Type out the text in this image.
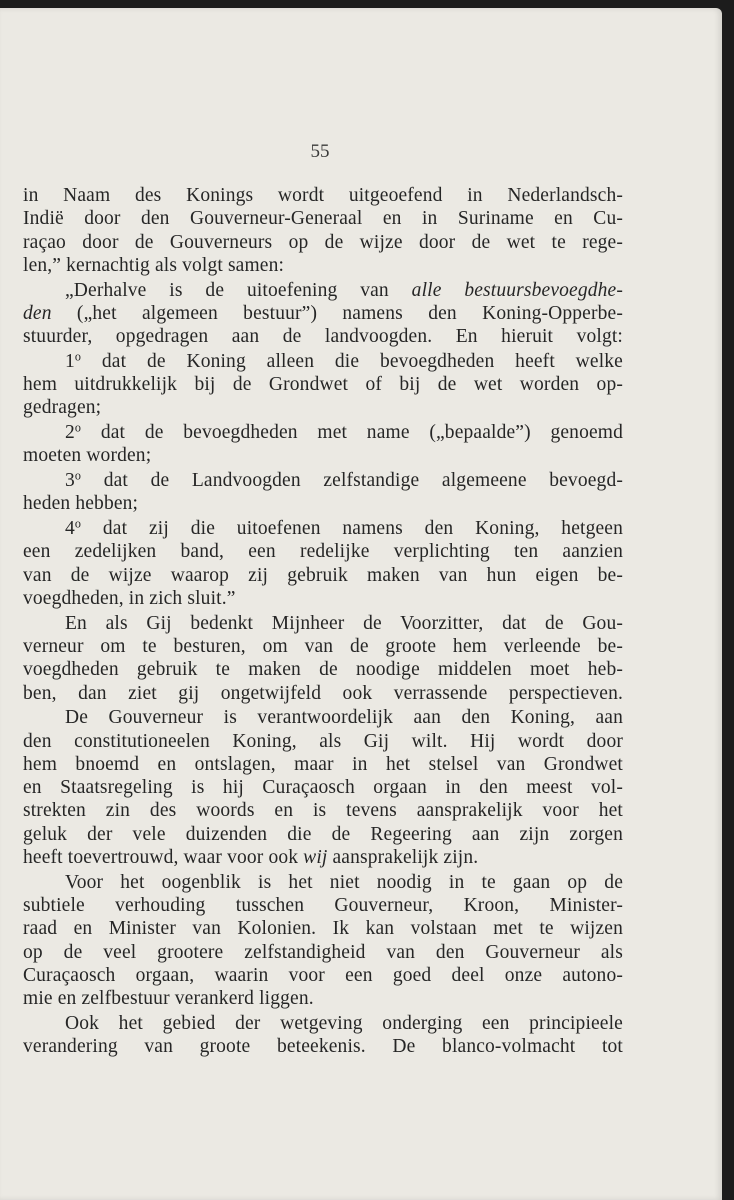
55
in Naam des Konings wordt uitgeoefend in Nederlandsch-
Indië door den Gouverneur-Generaal en in Suriname en Cu-
raçao door de Gouverneurs op de wijze door de wet te rege-
len,” kernachtig als volgt samen:
„Derhalve is de uitoefening van alle bestuursbevoegdhe-
den („het algemeen bestuur”) namens den Koning-Opperbe-
stuurder, opgedragen aan de landvoogden. En hieruit volgt:
1$^o$ dat de Koning alleen die bevoegdheden heeft welke
hem uitdrukkelijk bij de Grondwet of bij de wet worden op-
gedragen;
2$^o$ dat de bevoegdheden met name („bepaalde”) genoemd
moeten worden;
3$^o$ dat de Landvoogden zelfstandige algemeene bevoegd-
heden hebben;
4$^o$ dat zij die uitoefenen namens den Koning, hetgeen
een zedelijken band, een redelijke verplichting ten aanzien
van de wijze waarop zij gebruik maken van hun eigen be-
voegdheden, in zich sluit.”
En als Gij bedenkt Mijnheer de Voorzitter, dat de Gou-
verneur om te besturen, om van de groote hem verleende be-
voegdheden gebruik te maken de noodige middelen moet heb-
ben, dan ziet gij ongetwijfeld ook verrassende perspectieven.
De Gouverneur is verantwoordelijk aan den Koning, aan
den constitutioneelen Koning, als Gij wilt. Hij wordt door
hem bnoemd en ontslagen, maar in het stelsel van Grondwet
en Staatsregeling is hij Curaçaosch orgaan in den meest vol-
strekten zin des woords en is tevens aansprakelijk voor het
geluk der vele duizenden die de Regeering aan zijn zorgen
heeft toevertrouwd, waar voor ook wij aansprakelijk zijn.
Voor het oogenblik is het niet noodig in te gaan op de
subtiele verhouding tusschen Gouverneur, Kroon, Minister-
raad en Minister van Kolonien. Ik kan volstaan met te wijzen
op de veel grootere zelfstandigheid van den Gouverneur als
Curaçaosch orgaan, waarin voor een goed deel onze autono-
mie en zelfbestuur verankerd liggen.
Ook het gebied der wetgeving onderging een principieele
verandering van groote beteekenis. De blanco-volmacht tot
